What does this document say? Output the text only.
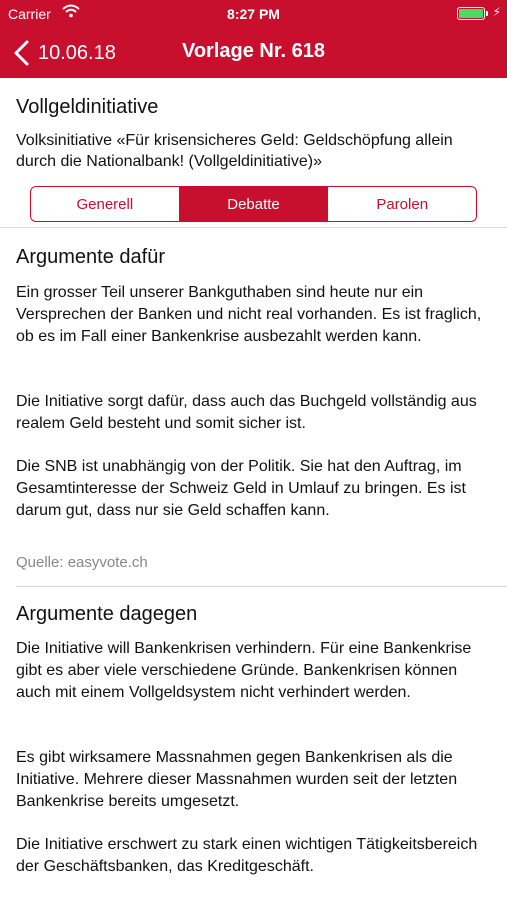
Carrier	8:27 PM	⚡
10.06.18	Vorlage Nr. 618
Vollgeldinitiative
Volksinitiative «Für krisensicheres Geld: Geldschöpfung allein durch die Nationalbank! (Vollgeldinitiative)»
Generell	Debatte	Parolen
Argumente dafür
Ein grosser Teil unserer Bankguthaben sind heute nur ein Versprechen der Banken und nicht real vorhanden. Es ist fraglich, ob es im Fall einer Bankenkrise ausbezahlt werden kann.
Die Initiative sorgt dafür, dass auch das Buchgeld vollständig aus realem Geld besteht und somit sicher ist.
Die SNB ist unabhängig von der Politik. Sie hat den Auftrag, im Gesamtinteresse der Schweiz Geld in Umlauf zu bringen. Es ist darum gut, dass nur sie Geld schaffen kann.
Quelle: easyvote.ch
Argumente dagegen
Die Initiative will Bankenkrisen verhindern. Für eine Bankenkrise gibt es aber viele verschiedene Gründe. Bankenkrisen können auch mit einem Vollgeldsystem nicht verhindert werden.
Es gibt wirksamere Massnahmen gegen Bankenkrisen als die Initiative. Mehrere dieser Massnahmen wurden seit der letzten Bankenkrise bereits umgesetzt.
Die Initiative erschwert zu stark einen wichtigen Tätigkeitsbereich der Geschäftsbanken, das Kreditgeschäft.
